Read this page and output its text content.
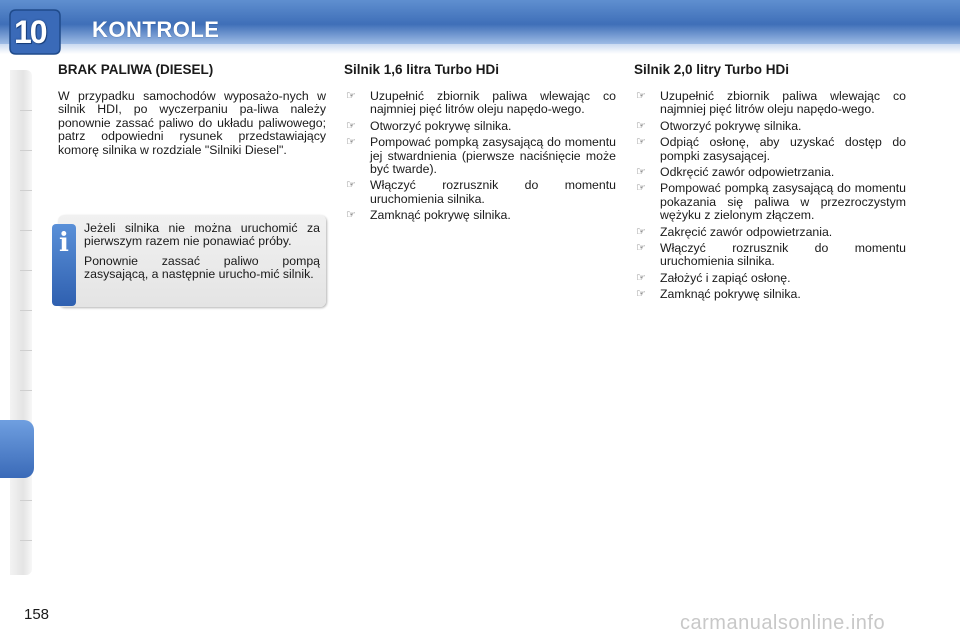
10	KONTROLE
BRAK PALIWA (DIESEL)

W przypadku samochodów wyposażo-nych w silnik HDI, po wyczerpaniu pa-liwa należy ponownie zassać paliwo do układu paliwowego; patrz odpowiedni rysunek przedstawiający komorę silnika w rozdziale "Silniki Diesel".

i	Jeżeli silnika nie można uruchomić za pierwszym razem nie ponawiać próby.

Ponownie zassać paliwo pompą zasysającą, a następnie urucho-mić silnik.

Silnik 1,6 litra Turbo HDi
☞ Uzupełnić zbiornik paliwa wlewając co najmniej pięć litrów oleju napędo-wego.
☞ Otworzyć pokrywę silnika.
☞ Pompować pompką zasysającą do momentu jej stwardnienia (pierwsze naciśnięcie może być twarde).
☞ Włączyć rozrusznik do momentu uruchomienia silnika.
☞ Zamknąć pokrywę silnika.
Silnik 2,0 litry Turbo HDi
☞ Uzupełnić zbiornik paliwa wlewając co najmniej pięć litrów oleju napędo-wego.
☞ Otworzyć pokrywę silnika.
☞ Odpiąć osłonę, aby uzyskać dostęp do pompki zasysającej.
☞ Odkręcić zawór odpowietrzania.
☞ Pompować pompką zasysającą do momentu pokazania się paliwa w przezroczystym wężyku z zielonym złączem.
☞ Zakręcić zawór odpowietrzania.
☞ Włączyć rozrusznik do momentu uruchomienia silnika.
☞ Założyć i zapiąć osłonę.
☞ Zamknąć pokrywę silnika.
158	carmanualsonline.info
